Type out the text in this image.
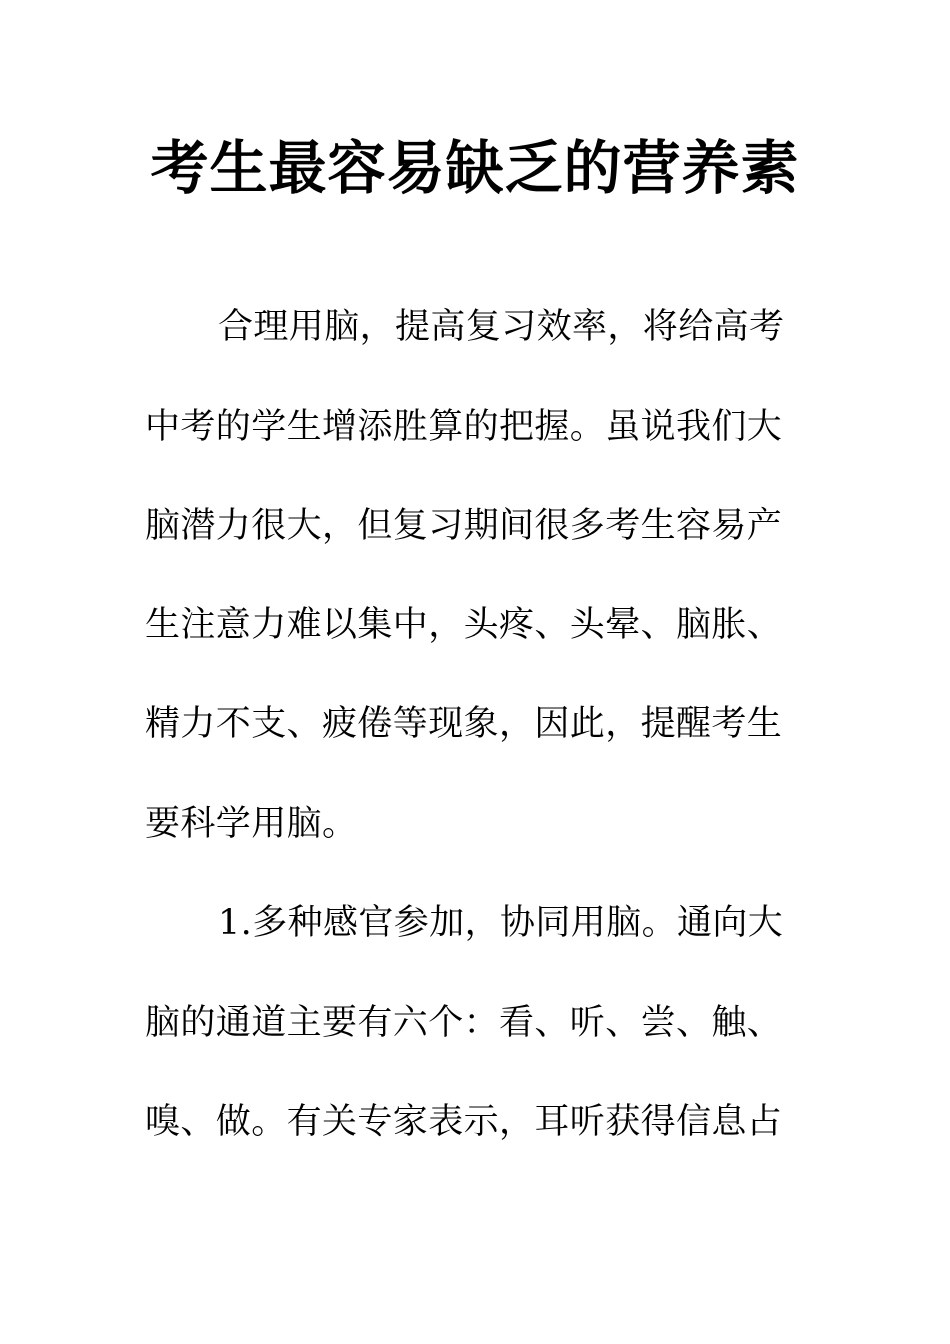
考生最容易缺乏的营养素
合理用脑，提高复习效率，将给高考
中考的学生增添胜算的把握。虽说我们大
脑潜力很大，但复习期间很多考生容易产
生注意力难以集中，头疼、头晕、脑胀、
精力不支、疲倦等现象，因此，提醒考生
要科学用脑。
1.多种感官参加，协同用脑。通向大
脑的通道主要有六个：看、听、尝、触、
嗅、做。有关专家表示，耳听获得信息占
